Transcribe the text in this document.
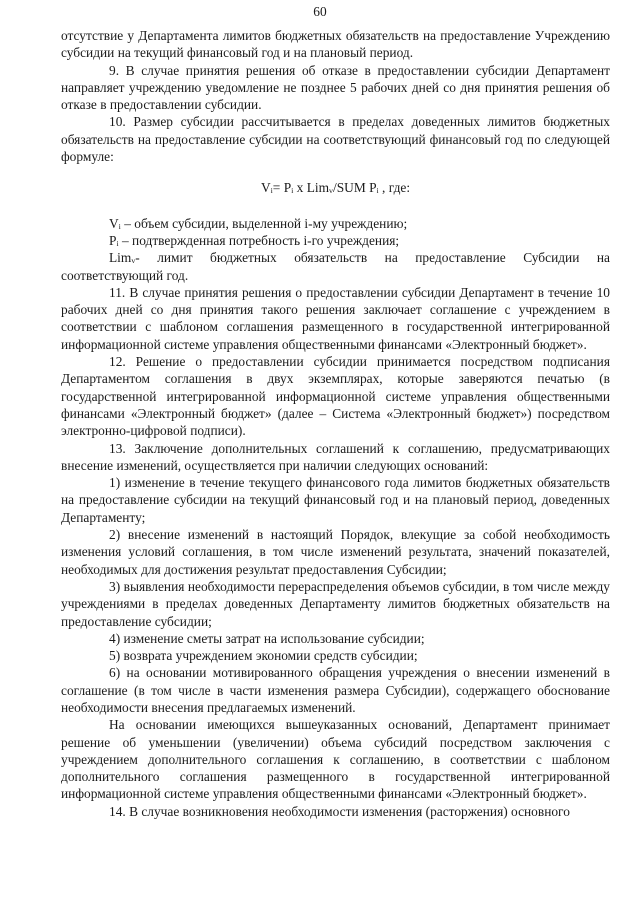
60

отсутствие у Департамента лимитов бюджетных обязательств на предоставление Учреждению субсидии на текущий финансовый год и на плановый период.

9. В случае принятия решения об отказе в предоставлении субсидии Департамент направляет учреждению уведомление не позднее 5 рабочих дней со дня принятия решения об отказе в предоставлении субсидии.

10. Размер субсидии рассчитывается в пределах доведенных лимитов бюджетных обязательств на предоставление субсидии на соответствующий финансовый год по следующей формуле:

Vᵢ= Pᵢ x Limᵥ/SUM Pᵢ , где:

Vᵢ – объем субсидии, выделенной i-му учреждению;

Pᵢ – подтвержденная потребность i-го учреждения;

Limᵥ- лимит бюджетных обязательств на предоставление Субсидии на соответствующий год.

11. В случае принятия решения о предоставлении субсидии Департамент в течение 10 рабочих дней со дня принятия такого решения заключает соглашение с учреждением в соответствии с шаблоном соглашения размещенного в государственной интегрированной информационной системе управления общественными финансами «Электронный бюджет».

12. Решение о предоставлении субсидии принимается посредством подписания Департаментом соглашения в двух экземплярах, которые заверяются печатью (в государственной интегрированной информационной системе управления общественными финансами «Электронный бюджет» (далее – Система «Электронный бюджет») посредством электронно-цифровой подписи).

13. Заключение дополнительных соглашений к соглашению, предусматривающих внесение изменений, осуществляется при наличии следующих оснований:

1) изменение в течение текущего финансового года лимитов бюджетных обязательств на предоставление субсидии на текущий финансовый год и на плановый период, доведенных Департаменту;

2) внесение изменений в настоящий Порядок, влекущие за собой необходимость изменения условий соглашения, в том числе изменений результата, значений показателей, необходимых для достижения результат предоставления Субсидии;

3) выявления необходимости перераспределения объемов субсидии, в том числе между учреждениями в пределах доведенных Департаменту лимитов бюджетных обязательств на предоставление субсидии;

4) изменение сметы затрат на использование субсидии;

5) возврата учреждением экономии средств субсидии;

6) на основании мотивированного обращения учреждения о внесении изменений в соглашение (в том числе в части изменения размера Субсидии), содержащего обоснование необходимости внесения предлагаемых изменений.

На основании имеющихся вышеуказанных оснований, Департамент принимает решение об уменьшении (увеличении) объема субсидий посредством заключения с учреждением дополнительного соглашения к соглашению, в соответствии с шаблоном дополнительного соглашения размещенного в государственной интегрированной информационной системе управления общественными финансами «Электронный бюджет».

14. В случае возникновения необходимости изменения (расторжения) основного
